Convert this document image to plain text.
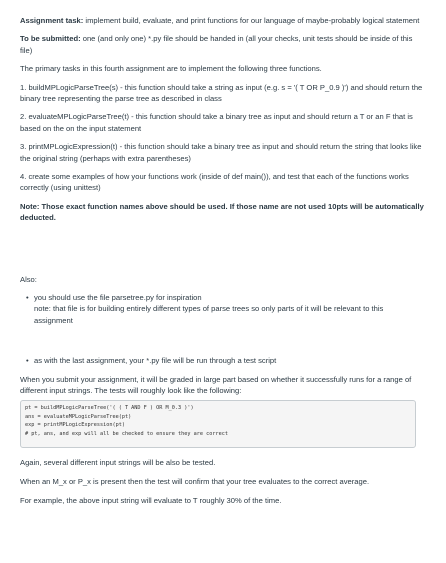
Assignment task: implement build, evaluate, and print functions for our language of maybe-probably logical statement

To be submitted: one (and only one) *.py file should be handed in (all your checks, unit tests should be inside of this file)

The primary tasks in this fourth assignment are to implement the following three functions.

1. buildMPLogicParseTree(s) - this function should take a string as input (e.g. s = '( T OR P_0.9 )') and should return the binary tree representing the parse tree as described in class

2. evaluateMPLogicParseTree(t) - this function should take a binary tree as input and should return a T or an F that is based on the on the input statement

3. printMPLogicExpression(t) - this function should take a binary tree as input and should return the string that looks like the original string (perhaps with extra parentheses)

4. create some examples of how your functions work (inside of def main()), and test that each of the functions works correctly (using unittest)

Note: Those exact function names above should be used. If those name are not used 10pts will be automatically deducted.

Also:

• you should use the file parsetree.py for inspiration
note: that file is for building entirely different types of parse trees so only parts of it will be relevant to this assignment
• as with the last assignment, your *.py file will be run through a test script
When you submit your assignment, it will be graded in large part based on whether it successfully runs for a range of different input strings. The tests will roughly look like the following:
pt = buildMPLogicParseTree('( ( T AND F ) OR M_0.3 )')
ans = evaluateMPLogicParseTree(pt)
exp = printMPLogicExpression(pt)
# pt, ans, and exp will all be checked to ensure they are correct
Again, several different input strings will be also be tested.
When an M_x or P_x is present then the test will confirm that your tree evaluates to the correct average.
For example, the above input string will evaluate to T roughly 30% of the time.
